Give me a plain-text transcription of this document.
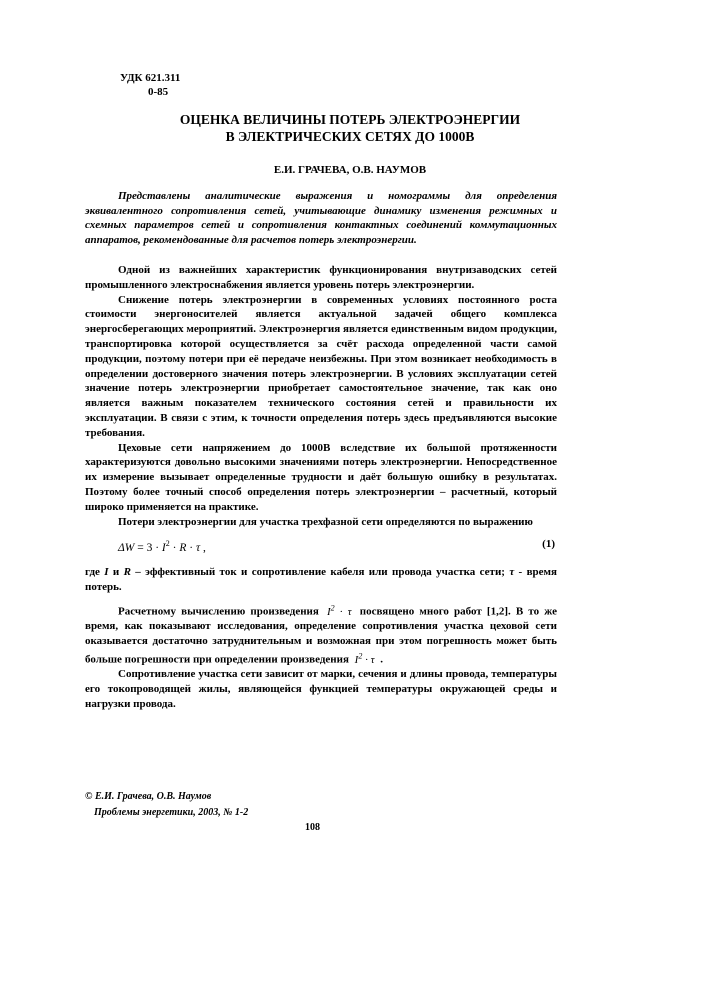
УДК 621.311
0-85
ОЦЕНКА ВЕЛИЧИНЫ ПОТЕРЬ ЭЛЕКТРОЭНЕРГИИ
В ЭЛЕКТРИЧЕСКИХ СЕТЯХ ДО 1000В
Е.И. ГРАЧЕВА, О.В. НАУМОВ

Представлены аналитические выражения и номограммы для определения эквивалентного сопротивления сетей, учитывающие динамику изменения режимных и схемных параметров сетей и сопротивления контактных соединений коммутационных аппаратов, рекомендованные для расчетов потерь электроэнергии.

Одной из важнейших характеристик функционирования внутризаводских сетей промышленного электроснабжения является уровень потерь электроэнергии.

Снижение потерь электроэнергии в современных условиях постоянного роста стоимости энергоносителей является актуальной задачей общего комплекса энергосберегающих мероприятий. Электроэнергия является единственным видом продукции, транспортировка которой осуществляется за счёт расхода определенной части самой продукции, поэтому потери при её передаче неизбежны. При этом возникает необходимость в определении достоверного значения потерь электроэнергии. В условиях эксплуатации сетей значение потерь электроэнергии приобретает самостоятельное значение, так как оно является важным показателем технического состояния сетей и правильности их эксплуатации. В связи с этим, к точности определения потерь здесь предъявляются высокие требования.

Цеховые сети напряжением до 1000В вследствие их большой протяженности характеризуются довольно высокими значениями потерь электроэнергии. Непосредственное их измерение вызывает определенные трудности и даёт большую ошибку в результатах. Поэтому более точный способ определения потерь электроэнергии – расчетный, который широко применяется на практике.

Потери электроэнергии для участка трехфазной сети определяются по выражению

$\Delta W = 3 \cdot I^2 \cdot R \cdot \tau$ ,	(1)

где I и R – эффективный ток и сопротивление кабеля или провода участка сети; τ - время потерь.

Расчетному вычислению произведения $I^2 \cdot \tau$ посвящено много работ [1,2]. В то же время, как показывают исследования, определение сопротивления участка цеховой сети оказывается достаточно затруднительным и возможная при этом погрешность может быть больше погрешности при определении произведения $I^2 \cdot \tau$ .

Сопротивление участка сети зависит от марки, сечения и длины провода, температуры его токопроводящей жилы, являющейся функцией температуры окружающей среды и нагрузки провода.

© Е.И. Грачева, О.В. Наумов
Проблемы энергетики, 2003, № 1-2
108
